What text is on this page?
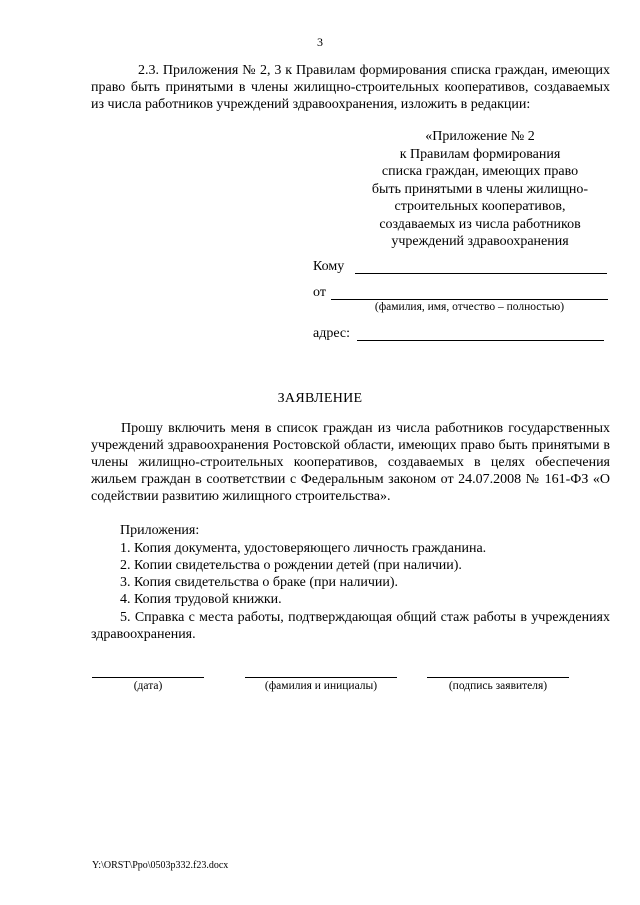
3
2.3. Приложения № 2, 3 к Правилам формирования списка граждан, имеющих право быть принятыми в члены жилищно-строительных кооперативов, создаваемых из числа работников учреждений здравоохранения, изложить в редакции:
«Приложение № 2
к Правилам формирования
списка граждан, имеющих право
быть принятыми в члены жилищно-
строительных кооперативов,
создаваемых из числа работников
учреждений здравоохранения
Кому
от
(фамилия, имя, отчество – полностью)
адрес:
ЗАЯВЛЕНИЕ
Прошу включить меня в список граждан из числа работников государственных учреждений здравоохранения Ростовской области, имеющих право быть принятыми в члены жилищно-строительных кооперативов, создаваемых в целях обеспечения жильем граждан в соответствии с Федеральным законом от 24.07.2008 № 161-ФЗ «О содействии развитию жилищного строительства».
Приложения:
1. Копия документа, удостоверяющего личность гражданина.
2. Копии свидетельства о рождении детей (при наличии).
3. Копия свидетельства о браке (при наличии).
4. Копия трудовой книжки.
5. Справка с места работы, подтверждающая общий стаж работы в учреждениях здравоохранения.
(дата)	(фамилия и инициалы)	(подпись заявителя)
Y:\ORST\Ppo\0503p332.f23.docx
